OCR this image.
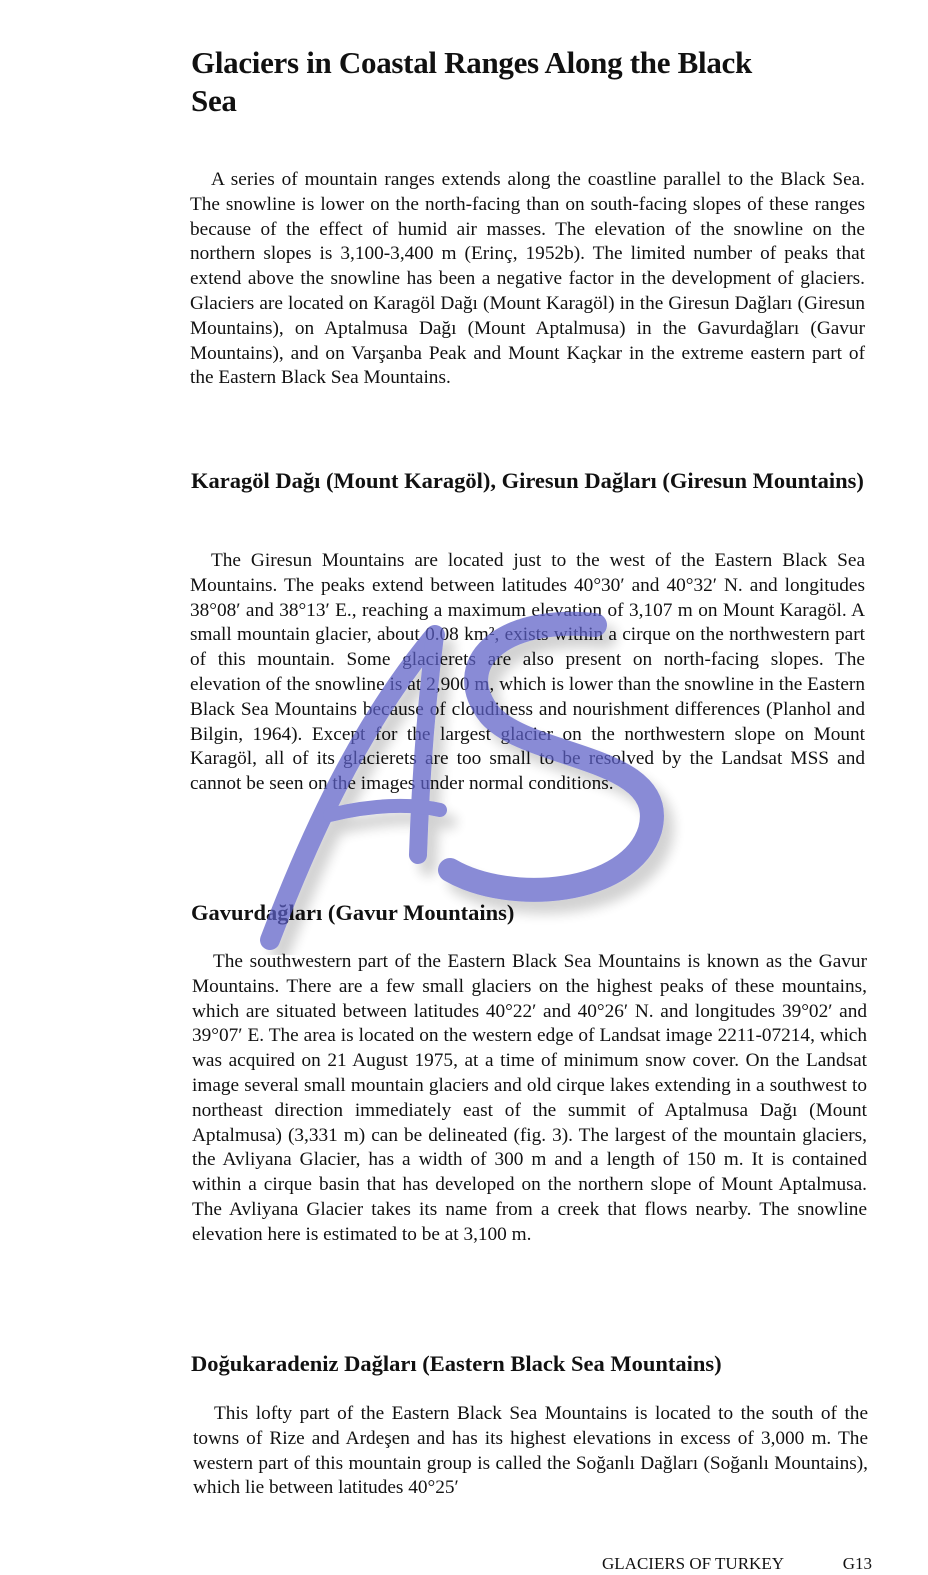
Glaciers in Coastal Ranges Along the Black Sea

A series of mountain ranges extends along the coastline parallel to the Black Sea. The snowline is lower on the north-facing than on south-facing slopes of these ranges because of the effect of humid air masses. The elevation of the snowline on the northern slopes is 3,100-3,400 m (Erinç, 1952b). The limited number of peaks that extend above the snowline has been a negative factor in the development of glaciers. Glaciers are located on Karagöl Dağı (Mount Karagöl) in the Giresun Dağları (Giresun Mountains), on Aptalmusa Dağı (Mount Aptalmusa) in the Gavurdağları (Gavur Mountains), and on Varşanba Peak and Mount Kaçkar in the extreme eastern part of the Eastern Black Sea Mountains.

Karagöl Dağı (Mount Karagöl), Giresun Dağları (Giresun Mountains)

The Giresun Mountains are located just to the west of the Eastern Black Sea Mountains. The peaks extend between latitudes 40°30′ and 40°32′ N. and longitudes 38°08′ and 38°13′ E., reaching a maximum elevation of 3,107 m on Mount Karagöl. A small mountain glacier, about 0.08 km², exists within a cirque on the northwestern part of this mountain. Some glacierets are also present on north-facing slopes. The elevation of the snowline is at 2,900 m, which is lower than the snowline in the Eastern Black Sea Mountains because of cloudiness and nourishment differences (Planhol and Bilgin, 1964). Except for the largest glacier on the northwestern slope on Mount Karagöl, all of its glacierets are too small to be resolved by the Landsat MSS and cannot be seen on the images under normal conditions.

Gavurdağları (Gavur Mountains)

The southwestern part of the Eastern Black Sea Mountains is known as the Gavur Mountains. There are a few small glaciers on the highest peaks of these mountains, which are situated between latitudes 40°22′ and 40°26′ N. and longitudes 39°02′ and 39°07′ E. The area is located on the western edge of Landsat image 2211-07214, which was acquired on 21 August 1975, at a time of minimum snow cover. On the Landsat image several small mountain glaciers and old cirque lakes extending in a southwest to northeast direction immediately east of the summit of Aptalmusa Dağı (Mount Aptalmusa) (3,331 m) can be delineated (fig. 3). The largest of the mountain glaciers, the Avliyana Glacier, has a width of 300 m and a length of 150 m. It is contained within a cirque basin that has developed on the northern slope of Mount Aptalmusa. The Avliyana Glacier takes its name from a creek that flows nearby. The snowline elevation here is estimated to be at 3,100 m.

Doğukaradeniz Dağları (Eastern Black Sea Mountains)

This lofty part of the Eastern Black Sea Mountains is located to the south of the towns of Rize and Ardeşen and has its highest elevations in excess of 3,000 m. The western part of this mountain group is called the Soğanlı Dağları (Soğanlı Mountains), which lie between latitudes 40°25′

GLACIERS OF TURKEY	G13
